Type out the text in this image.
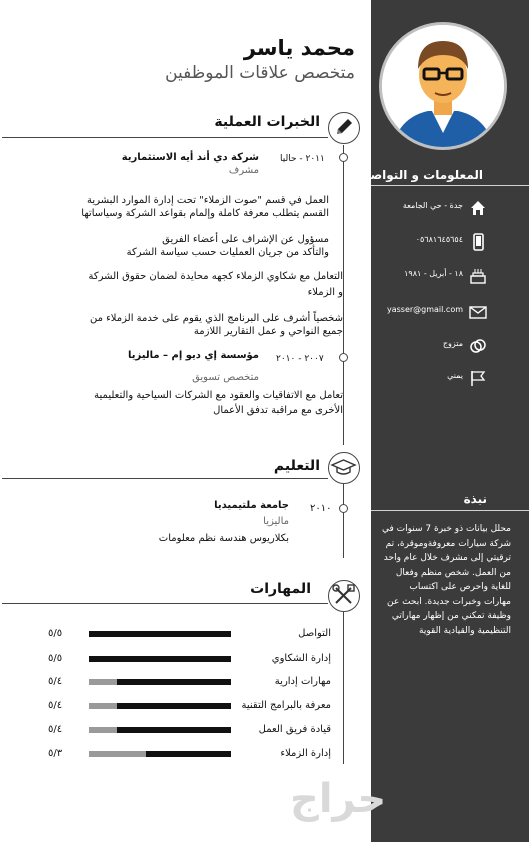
المعلومات و التواصل
جدة - حي الجامعة
٠٥٦٨١٦٤٥٦٥٤
١٨ - أبريل - ١٩٨١
yasser@gmail.com
متزوج
يمني
نبذة
محلل بيانات ذو خبرة 7 سنوات في شركة سيارات معروفةوموقرة، تم ترقيتي إلى مشرف خلال عام واحد من العمل. شخص منظم وفعال للغاية واحرص على اكتساب مهارات وخبرات جديدة. ابحث عن وظيفة تمكني من إظهار مهاراتي التنظيمية والقيادية القوية
محمد ياسر
متخصص علاقات الموظفين
الخبرات العملية
٢٠١١ - حاليا
شركة دي أند أيه الاستثمارية
مشرف
العمل في قسم "صوت الزملاء" تحت إدارة الموارد البشرية
القسم يتطلب معرفة كاملة وإلمام بقواعد الشركة وسياساتها
مسؤول عن الإشراف على أعضاء الفريق
والتأكد من جريان العمليات حسب سياسة الشركة
التعامل مع شكاوي الزملاء كجهه محايدة لضمان حقوق الشركة
و الزملاء
شخصياً أشرف على البرنامج الذي يقوم على خدمة الزملاء من
جميع النواحي و عمل التقارير اللازمة
٢٠٠٧ - ٢٠١٠
مؤسسة إي ديو إم – ماليزيا
متخصص تسويق
تعامل مع الاتفاقيات والعقود مع الشركات السياحية والتعليمية
الأخرى مع مراقبة تدفق الأعمال
التعليم
٢٠١٠
جامعة ملتيميديا
ماليزيا
بكلاريوس هندسة نظم معلومات
المهارات
التواصل
٥/٥
إدارة الشكاوي
٥/٥
مهارات إدارية
٥/٤
معرفة بالبرامج التقنية
٥/٤
قيادة فريق العمل
٥/٤
إدارة الزملاء
٥/٣
حراج
